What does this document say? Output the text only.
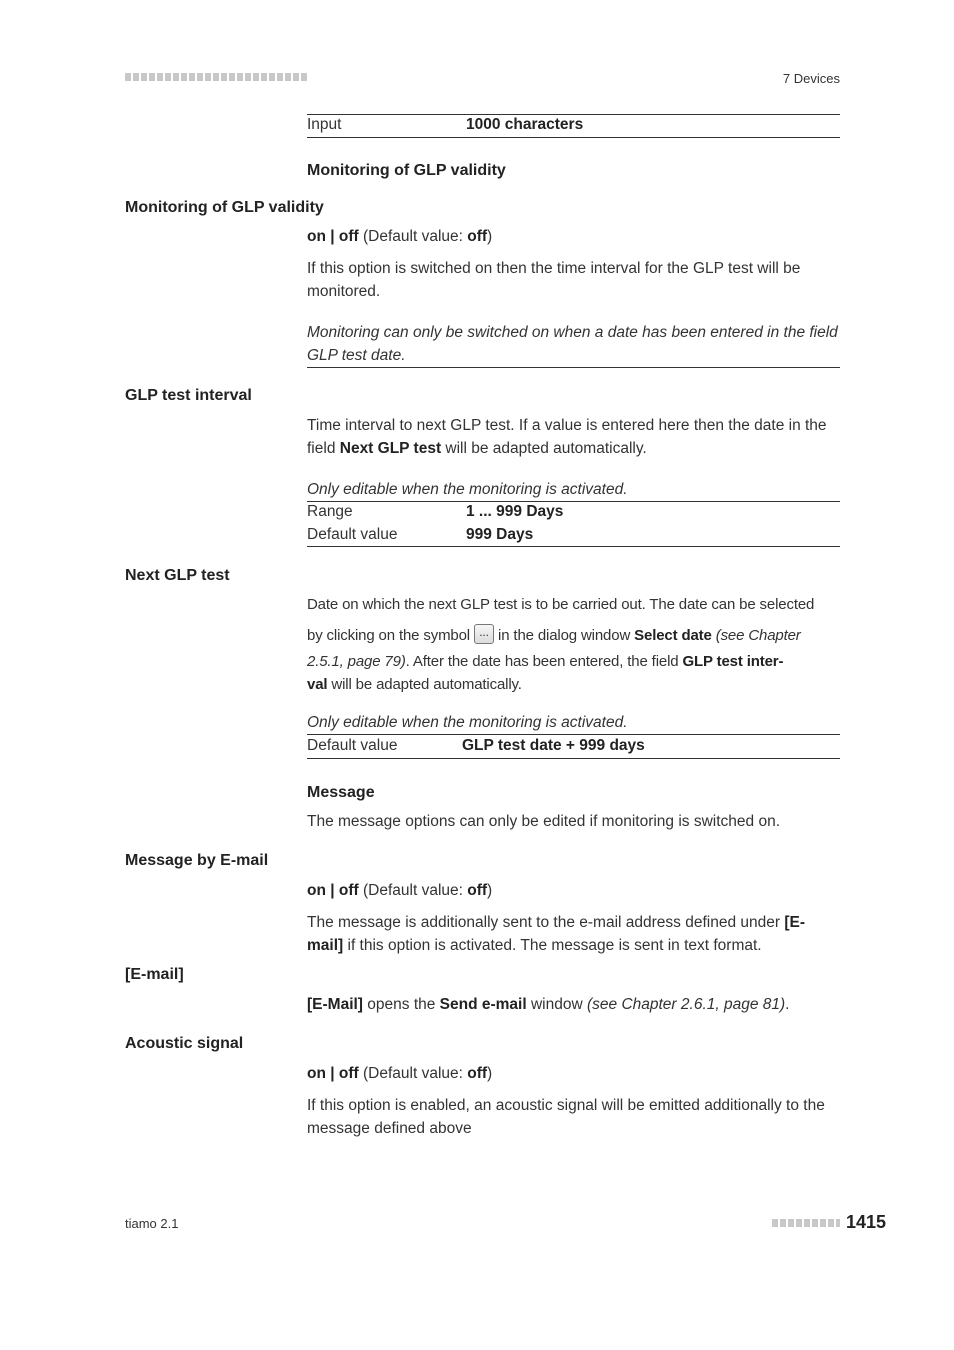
7 Devices
Input	1000 characters
Monitoring of GLP validity
Monitoring of GLP validity
on | off (Default value: off)
If this option is switched on then the time interval for the GLP test will be monitored.
Monitoring can only be switched on when a date has been entered in the field GLP test date.
GLP test interval
Time interval to next GLP test. If a value is entered here then the date in the field Next GLP test will be adapted automatically.
Only editable when the monitoring is activated.
Range	1 ... 999 Days
Default value	999 Days
Next GLP test
Date on which the next GLP test is to be carried out. The date can be selected
by clicking on the symbol ... in the dialog window Select date (see Chapter
2.5.1, page 79). After the date has been entered, the field GLP test inter-
val will be adapted automatically.
Only editable when the monitoring is activated.
Default value	GLP test date + 999 days
Message
The message options can only be edited if monitoring is switched on.
Message by E-mail
on | off (Default value: off)
The message is additionally sent to the e-mail address defined under [E-
mail] if this option is activated. The message is sent in text format.
[E-mail]
[E-Mail] opens the Send e-mail window (see Chapter 2.6.1, page 81).
Acoustic signal
on | off (Default value: off)
If this option is enabled, an acoustic signal will be emitted additionally to the message defined above
tiamo 2.1	1415
